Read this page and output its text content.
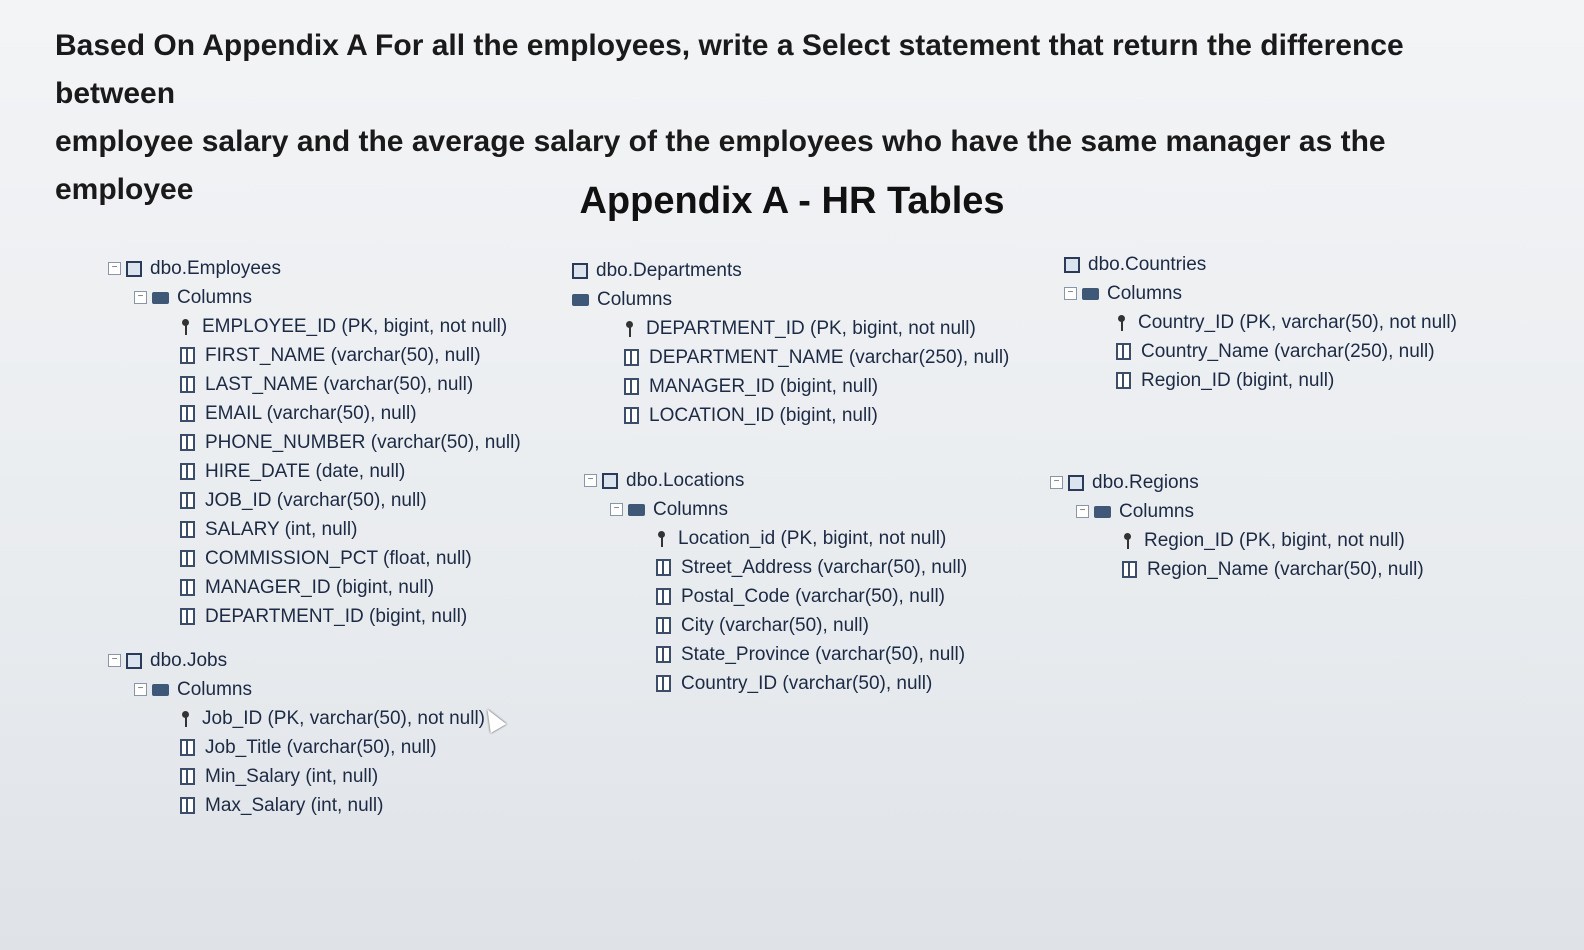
Based On Appendix A For all the employees, write a Select statement that return the difference between
employee salary and the average salary of the employees who have the same manager as the employee	Appendix A - HR Tables
− dbo.Employees
− Columns
EMPLOYEE_ID (PK, bigint, not null)
FIRST_NAME (varchar(50), null)
LAST_NAME (varchar(50), null)
EMAIL (varchar(50), null)
PHONE_NUMBER (varchar(50), null)
HIRE_DATE (date, null)
JOB_ID (varchar(50), null)
SALARY (int, null)
COMMISSION_PCT (float, null)
MANAGER_ID (bigint, null)
DEPARTMENT_ID (bigint, null)
− dbo.Jobs
− Columns
Job_ID (PK, varchar(50), not null)
Job_Title (varchar(50), null)
Min_Salary (int, null)
Max_Salary (int, null)
dbo.Departments
Columns
DEPARTMENT_ID (PK, bigint, not null)
DEPARTMENT_NAME (varchar(250), null)
MANAGER_ID (bigint, null)
LOCATION_ID (bigint, null)
− dbo.Locations
− Columns
Location_id (PK, bigint, not null)
Street_Address (varchar(50), null)
Postal_Code (varchar(50), null)
City (varchar(50), null)
State_Province (varchar(50), null)
Country_ID (varchar(50), null)
dbo.Countries
− Columns
Country_ID (PK, varchar(50), not null)
Country_Name (varchar(250), null)
Region_ID (bigint, null)
− dbo.Regions
− Columns
Region_ID (PK, bigint, not null)
Region_Name (varchar(50), null)
